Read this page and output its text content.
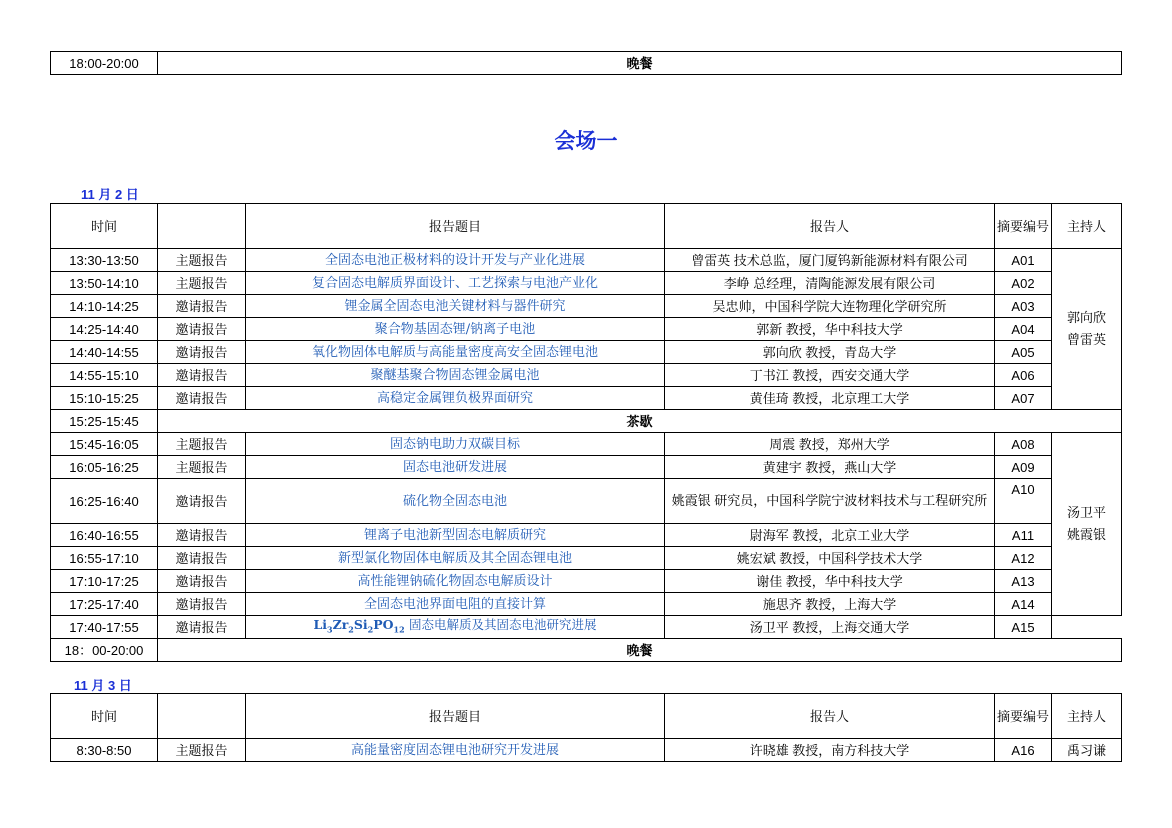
18:00-20:00	晚餐
会场一
11 月 2 日
时间		报告题目	报告人	摘要编号	主持人
13:30-13:50	主题报告	全固态电池正极材料的设计开发与产业化进展	曾雷英 技术总监，厦门厦钨新能源材料有限公司	A01	郭向欣
曾雷英

13:50-14:10	主题报告	复合固态电解质界面设计、工艺探索与电池产业化	李峥 总经理，清陶能源发展有限公司	A02	
14:10-14:25	邀请报告	锂金属全固态电池关键材料与器件研究	吴忠帅，中国科学院大连物理化学研究所	A03	
14:25-14:40	邀请报告	聚合物基固态锂/钠离子电池	郭新 教授，华中科技大学	A04	
14:40-14:55	邀请报告	氧化物固体电解质与高能量密度高安全固态锂电池	郭向欣 教授，青岛大学	A05	
14:55-15:10	邀请报告	聚醚基聚合物固态锂金属电池	丁书江 教授，西安交通大学	A06	
15:10-15:25	邀请报告	高稳定金属锂负极界面研究	黄佳琦 教授，北京理工大学	A07	
15:25-15:45	茶歇				
15:45-16:05	主题报告	固态钠电助力双碳目标	周震 教授，郑州大学	A08	汤卫平
姚霞银

16:05-16:25	主题报告	固态电池研发进展	黄建宇 教授，燕山大学	A09	
16:25-16:40	邀请报告	硫化物全固态电池	姚霞银 研究员，中国科学院宁波材料技术与工程研究所	A10	
16:40-16:55	邀请报告	锂离子电池新型固态电解质研究	尉海军 教授，北京工业大学	A11	
16:55-17:10	邀请报告	新型氯化物固体电解质及其全固态锂电池	姚宏斌 教授，中国科学技术大学	A12	
17:10-17:25	邀请报告	高性能锂钠硫化物固态电解质设计	谢佳 教授，华中科技大学	A13	
17:25-17:40	邀请报告	全固态电池界面电阻的直接计算	施思齐 教授，上海大学	A14	
17:40-17:55	邀请报告	$Li_3Zr_2Si_2PO_{12}$ 固态电解质及其固态电池研究进展	汤卫平 教授，上海交通大学	A15	
18：00-20:00	晚餐				
11 月 3 日
时间		报告题目	报告人	摘要编号	主持人
8:30-8:50	主题报告	高能量密度固态锂电池研究开发进展	许晓雄 教授，南方科技大学	A16	禹习谦
